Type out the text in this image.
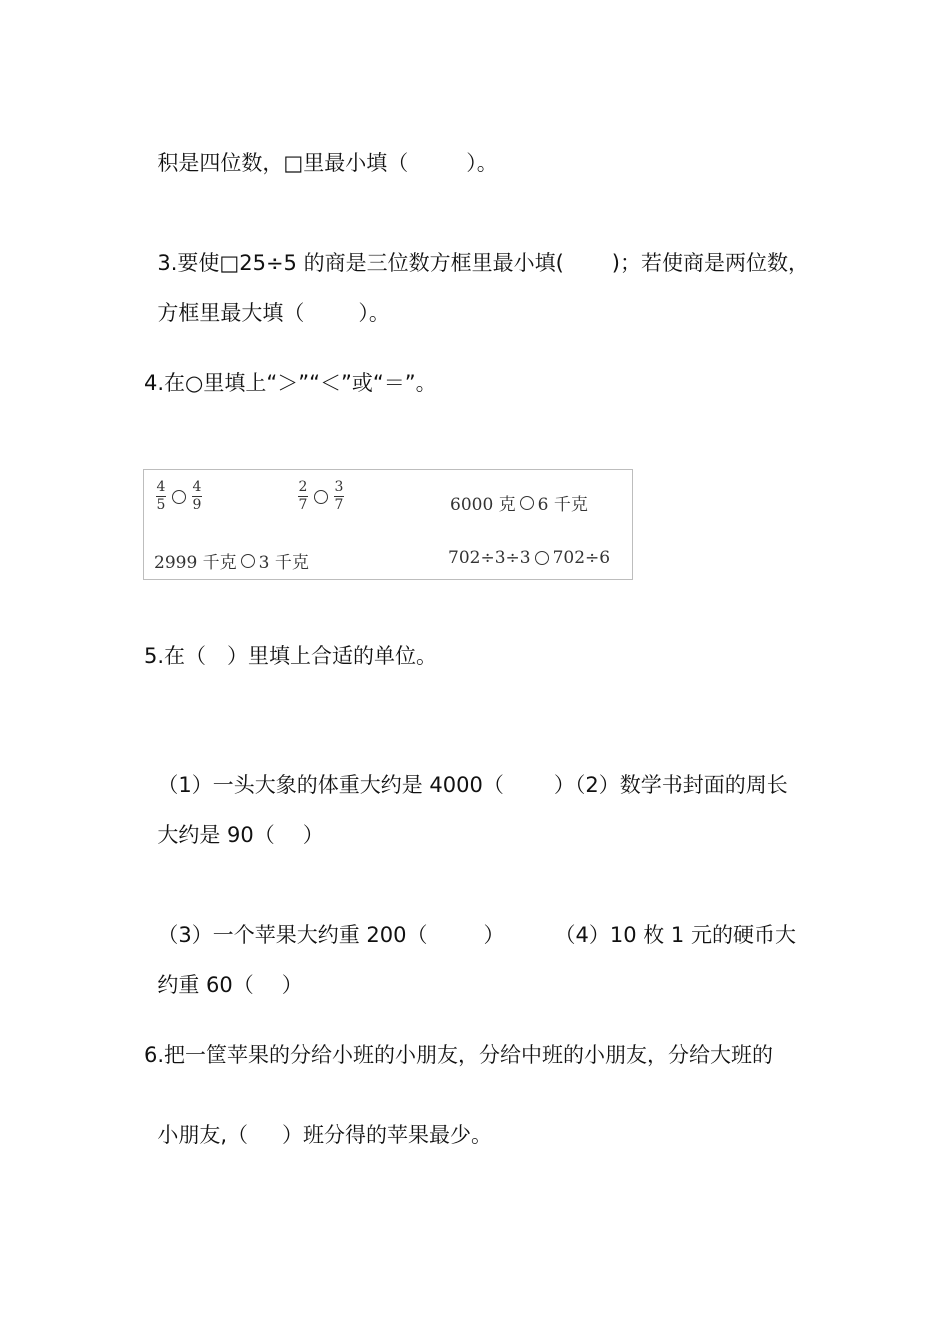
积是四位数，□里最小填（	）。

3.要使□25÷5 的商是三位数方框里最小填( )；若使商是两位数，

方框里最大填（	）。

4.在○里填上“＞”“＜”或“＝”。
$\frac{4}{5} \frac{4}{9}$	$\frac{2}{7} \frac{3}{7}$	6000 克 6 千克
2999 千克 3 千克	702÷3÷3 702÷6
5.在（　）里填上合适的单位。

（1）一头大象的体重大约是 4000（ ）（2）数学书封面的周长

大约是 90（ ）

（3）一个苹果大约重 200（	） （4）10 枚 1 元的硬币大

约重 60（ ）

6.把一筐苹果的分给小班的小朋友，分给中班的小朋友，分给大班的

小朋友,（ ）班分得的苹果最少。
